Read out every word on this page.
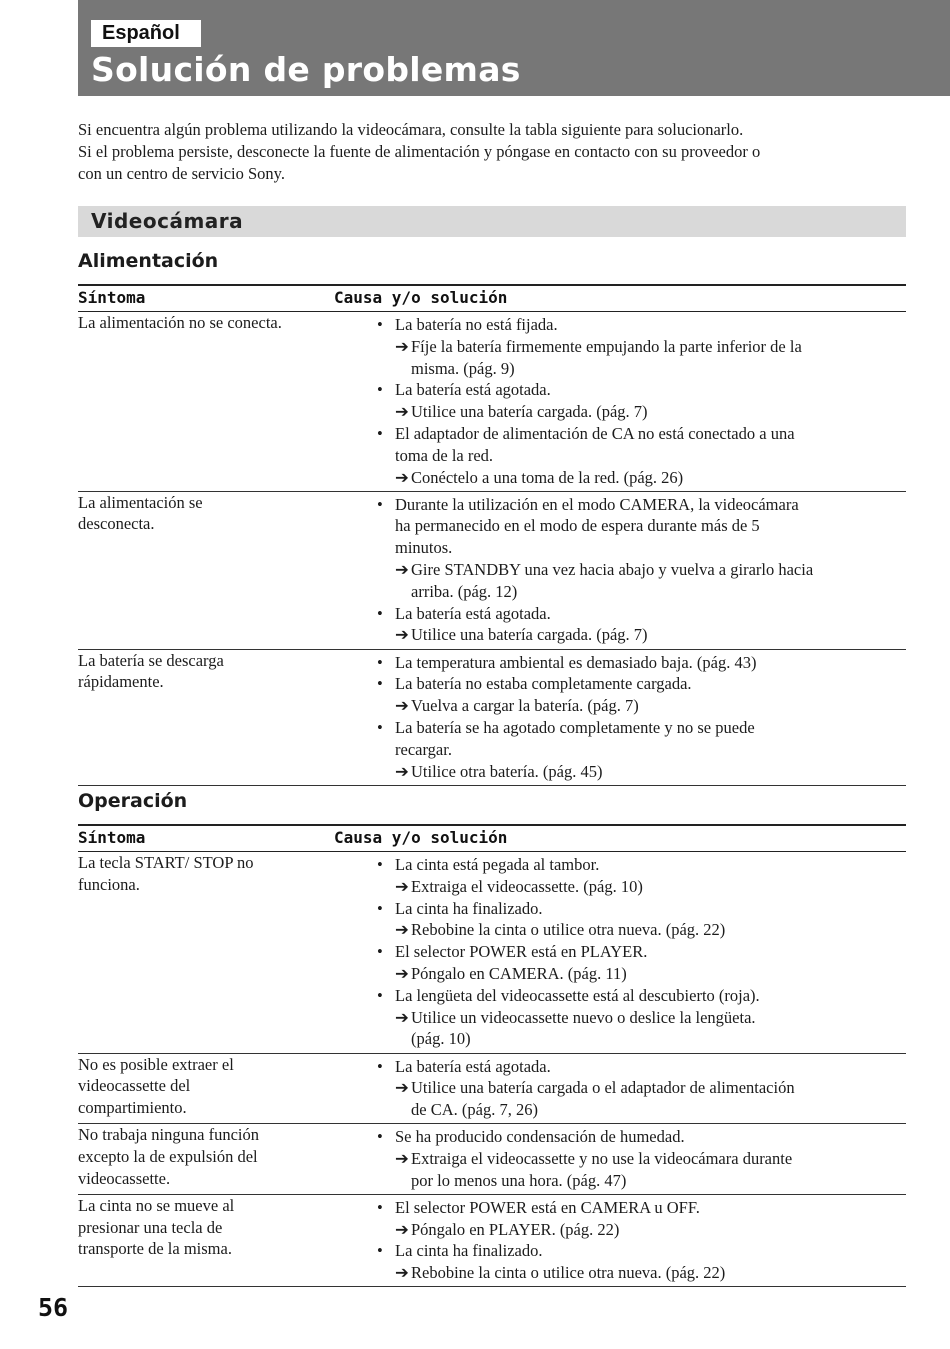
Español
Solución de problemas

Si encuentra algún problema utilizando la videocámara, consulte la tabla siguiente para solucionarlo.

Si el problema persiste, desconecte la fuente de alimentación y póngase en contacto con su proveedor o

con un centro de servicio Sony.

Videocámara
Alimentación
Síntoma	Causa y/o solución
La alimentación no se conecta.
•	La batería no está fijada.
➔ Fíje la batería firmemente empujando la parte inferior de la
misma. (pág. 9)
• La batería está agotada.
➔ Utilice una batería cargada. (pág. 7)
• El adaptador de alimentación de CA no está conectado a una
toma de la red.
➔ Conéctelo a una toma de la red. (pág. 26)
La alimentación se
desconecta.
• Durante la utilización en el modo CAMERA, la videocámara
ha permanecido en el modo de espera durante más de 5
minutos.
➔ Gire STANDBY una vez hacia abajo y vuelva a girarlo hacia
arriba. (pág. 12)
• La batería está agotada.
➔ Utilice una batería cargada. (pág. 7)
La batería se descarga
rápidamente.
• La temperatura ambiental es demasiado baja. (pág. 43)
• La batería no estaba completamente cargada.
➔ Vuelva a cargar la batería. (pág. 7)
• La batería se ha agotado completamente y no se puede
recargar.
➔ Utilice otra batería. (pág. 45)
Operación
Síntoma	Causa y/o solución
La tecla START/ STOP no
funciona.
• La cinta está pegada al tambor.
➔ Extraiga el videocassette. (pág. 10)
• La cinta ha finalizado.
➔ Rebobine la cinta o utilice otra nueva. (pág. 22)
• El selector POWER está en PLAYER.
➔ Póngalo en CAMERA. (pág. 11)
• La lengüeta del videocassette está al descubierto (roja).
➔ Utilice un videocassette nuevo o deslice la lengüeta.
(pág. 10)
No es posible extraer el
videocassette del
compartimiento.
• La batería está agotada.
➔ Utilice una batería cargada o el adaptador de alimentación
de CA. (pág. 7, 26)
No trabaja ninguna función
excepto la de expulsión del
videocassette.
• Se ha producido condensación de humedad.
➔ Extraiga el videocassette y no use la videocámara durante
por lo menos una hora. (pág. 47)
La cinta no se mueve al
presionar una tecla de
transporte de la misma.
• El selector POWER está en CAMERA u OFF.
➔ Póngalo en PLAYER. (pág. 22)
• La cinta ha finalizado.
➔ Rebobine la cinta o utilice otra nueva. (pág. 22)
56
